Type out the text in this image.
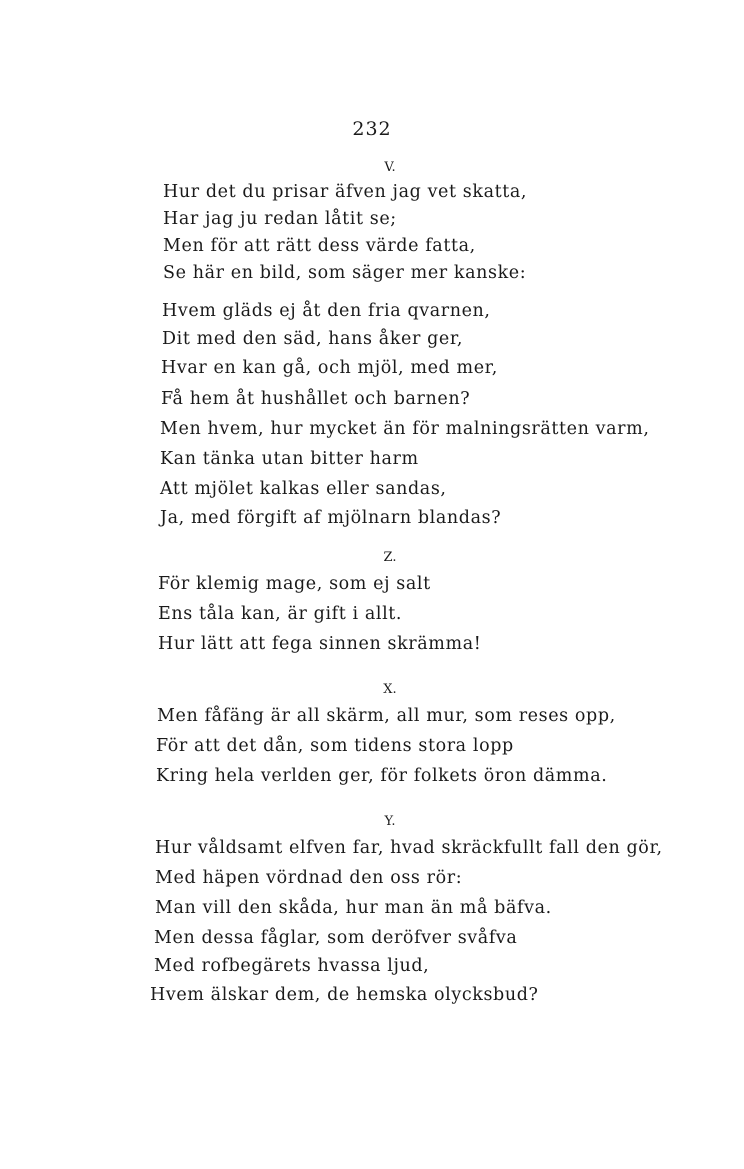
232
V.
Hur det du prisar äfven jag vet skatta,
Har jag ju redan låtit se;
Men för att rätt dess värde fatta,
Se här en bild, som säger mer kanske:
Hvem gläds ej åt den fria qvarnen,
Dit med den säd, hans åker ger,
Hvar en kan gå, och mjöl, med mer,
Få hem åt hushållet och barnen?
Men hvem, hur mycket än för malningsrätten varm,
Kan tänka utan bitter harm
Att mjölet kalkas eller sandas,
Ja, med förgift af mjölnarn blandas?
Z.
För klemig mage, som ej salt
Ens tåla kan, är gift i allt.
Hur lätt att fega sinnen skrämma!
X.
Men fåfäng är all skärm, all mur, som reses opp,
För att det dån, som tidens stora lopp
Kring hela verlden ger, för folkets öron dämma.
Y.
Hur våldsamt elfven far, hvad skräckfullt fall den gör,
Med häpen vördnad den oss rör:
Man vill den skåda, hur man än må bäfva.
Men dessa fåglar, som deröfver svåfva
Med rofbegärets hvassa ljud,
Hvem älskar dem, de hemska olycksbud?
